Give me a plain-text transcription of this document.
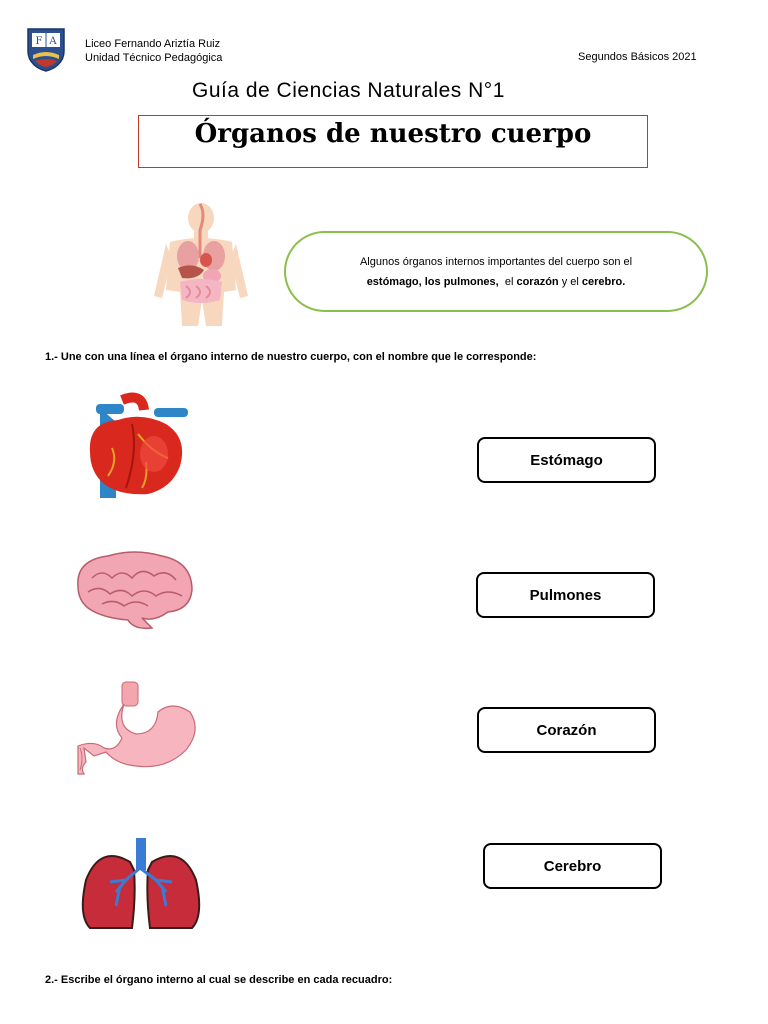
F A	Liceo Fernando Ariztía Ruiz
Unidad Técnico Pedagógica	Segundos Básicos 2021
Guía de Ciencias Naturales N°1
Órganos de nuestro cuerpo
Algunos órganos internos importantes del cuerpo son el
estómago, los pulmones,  el corazón y el cerebro.
1.- Une con una línea el órgano interno de nuestro cuerpo, con el nombre que le corresponde:
Estómago
Pulmones
Corazón
Cerebro
2.- Escribe el órgano interno al cual se describe en cada recuadro:
